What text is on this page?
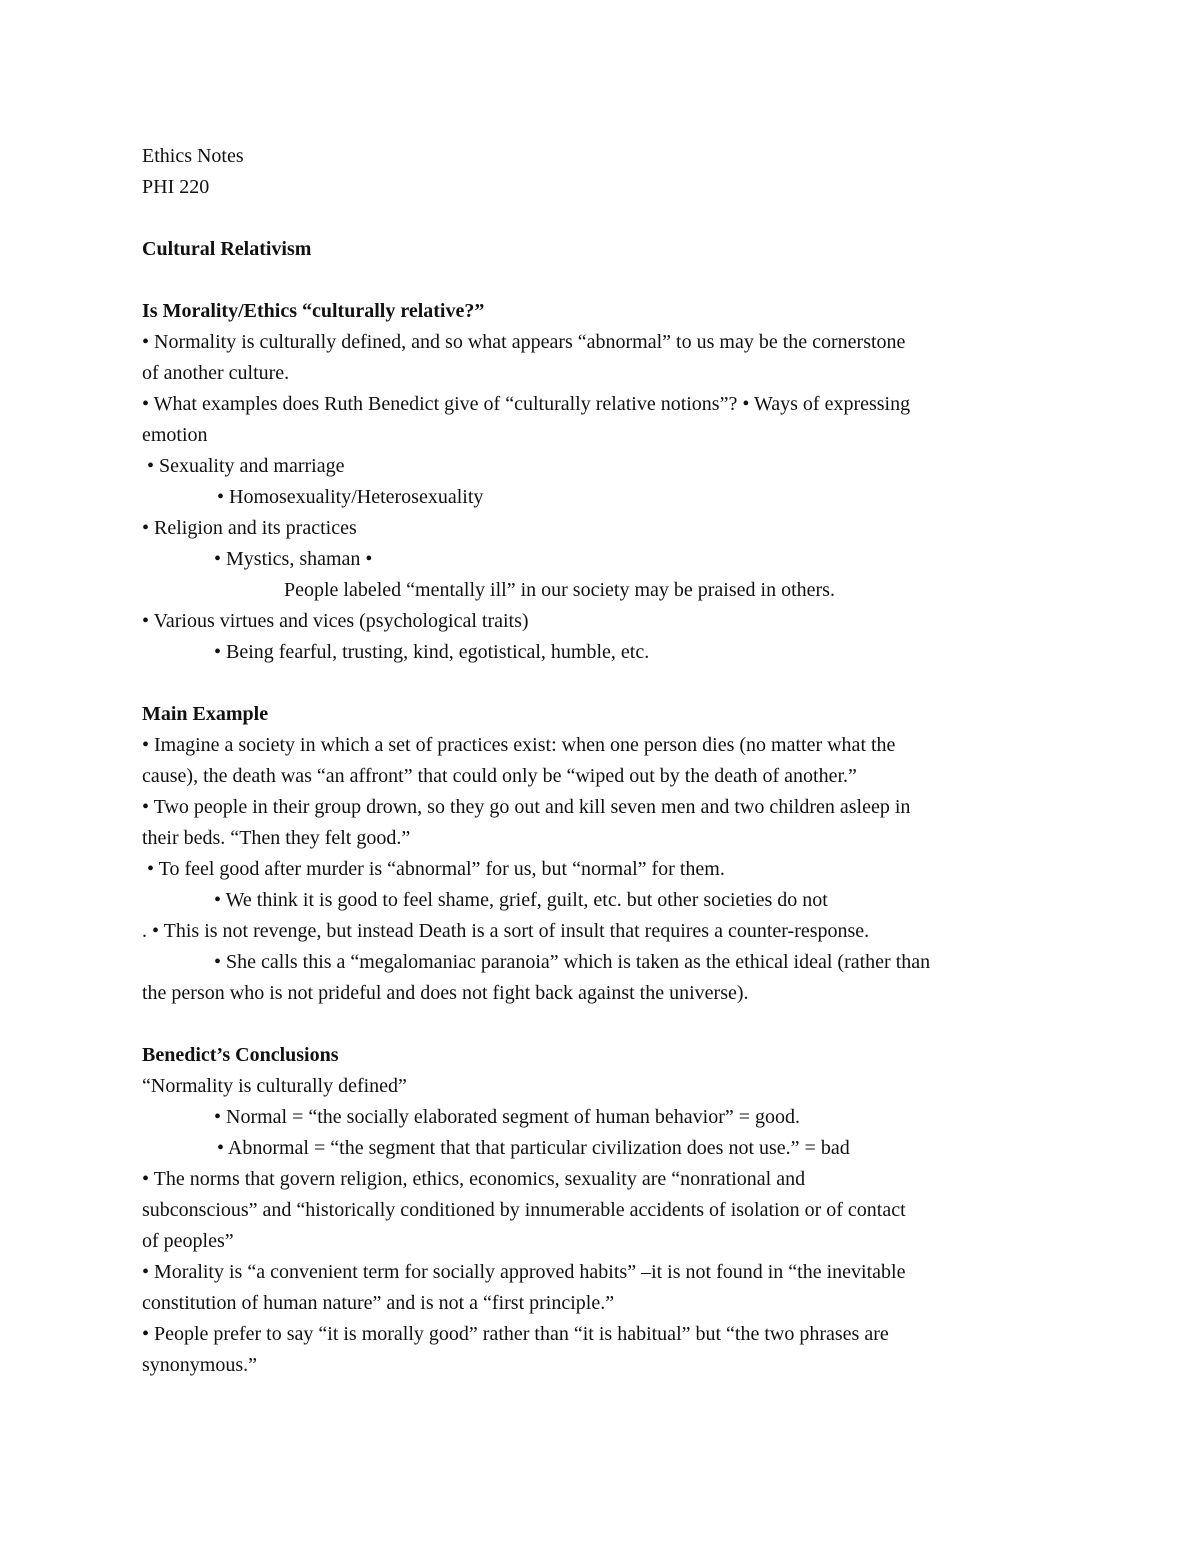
Ethics Notes

PHI 220

Cultural Relativism

Is Morality/Ethics “culturally relative?”

• Normality is culturally defined, and so what appears “abnormal” to us may be the cornerstone

of another culture.

• What examples does Ruth Benedict give of “culturally relative notions”? • Ways of expressing

emotion

• Sexuality and marriage

• Homosexuality/Heterosexuality

• Religion and its practices

• Mystics, shaman •

People labeled “mentally ill” in our society may be praised in others.

• Various virtues and vices (psychological traits)

• Being fearful, trusting, kind, egotistical, humble, etc.

Main Example

• Imagine a society in which a set of practices exist: when one person dies (no matter what the

cause), the death was “an affront” that could only be “wiped out by the death of another.”

• Two people in their group drown, so they go out and kill seven men and two children asleep in

their beds. “Then they felt good.”

• To feel good after murder is “abnormal” for us, but “normal” for them.

• We think it is good to feel shame, grief, guilt, etc. but other societies do not

. • This is not revenge, but instead Death is a sort of insult that requires a counter-response.

• She calls this a “megalomaniac paranoia” which is taken as the ethical ideal (rather than

the person who is not prideful and does not fight back against the universe).

Benedict’s Conclusions

“Normality is culturally defined”

• Normal = “the socially elaborated segment of human behavior” = good.

• Abnormal = “the segment that that particular civilization does not use.” = bad

• The norms that govern religion, ethics, economics, sexuality are “nonrational and

subconscious” and “historically conditioned by innumerable accidents of isolation or of contact

of peoples”

• Morality is “a convenient term for socially approved habits” –it is not found in “the inevitable

constitution of human nature” and is not a “first principle.”

• People prefer to say “it is morally good” rather than “it is habitual” but “the two phrases are

synonymous.”
